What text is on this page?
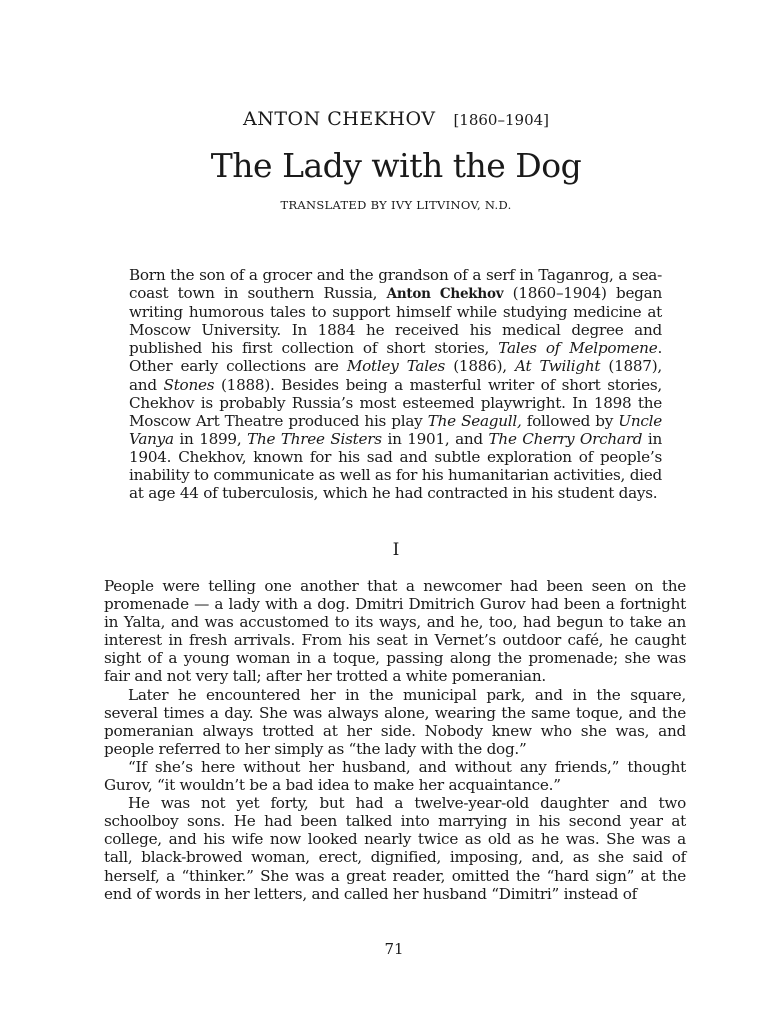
ANTON CHEKHOV [1860–1904]
The Lady with the Dog
TRANSLATED BY IVY LITVINOV, N.D.

Born the son of a grocer and the grandson of a serf in Taganrog, a sea-coast town in southern Russia, Anton Chekhov (1860–1904) began writing humorous tales to support himself while studying medicine at Moscow University. In 1884 he received his medical degree and published his first collection of short stories, Tales of Melpomene. Other early collections are Motley Tales (1886), At Twilight (1887), and Stones (1888). Besides being a masterful writer of short stories, Chekhov is probably Russia’s most esteemed playwright. In 1898 the Moscow Art Theatre produced his play The Seagull, followed by Uncle Vanya in 1899, The Three Sisters in 1901, and The Cherry Orchard in 1904. Chekhov, known for his sad and subtle exploration of people’s inability to communicate as well as for his humanitarian activities, died at age 44 of tuberculosis, which he had contracted in his student days.

I

People were telling one another that a newcomer had been seen on the promenade — a lady with a dog. Dmitri Dmitrich Gurov had been a fortnight in Yalta, and was accustomed to its ways, and he, too, had begun to take an interest in fresh arrivals. From his seat in Vernet’s outdoor café, he caught sight of a young woman in a toque, passing along the promenade; she was fair and not very tall; after her trotted a white pomeranian.

Later he encountered her in the municipal park, and in the square, several times a day. She was always alone, wearing the same toque, and the pomeranian always trotted at her side. Nobody knew who she was, and people referred to her simply as “the lady with the dog.”

“If she’s here without her husband, and without any friends,” thought Gurov, “it wouldn’t be a bad idea to make her acquaintance.”

He was not yet forty, but had a twelve-year-old daughter and two schoolboy sons. He had been talked into marrying in his second year at college, and his wife now looked nearly twice as old as he was. She was a tall, black-browed woman, erect, dignified, imposing, and, as she said of herself, a “thinker.” She was a great reader, omitted the “hard sign” at the end of words in her letters, and called her husband “Dimitri” instead of

71
